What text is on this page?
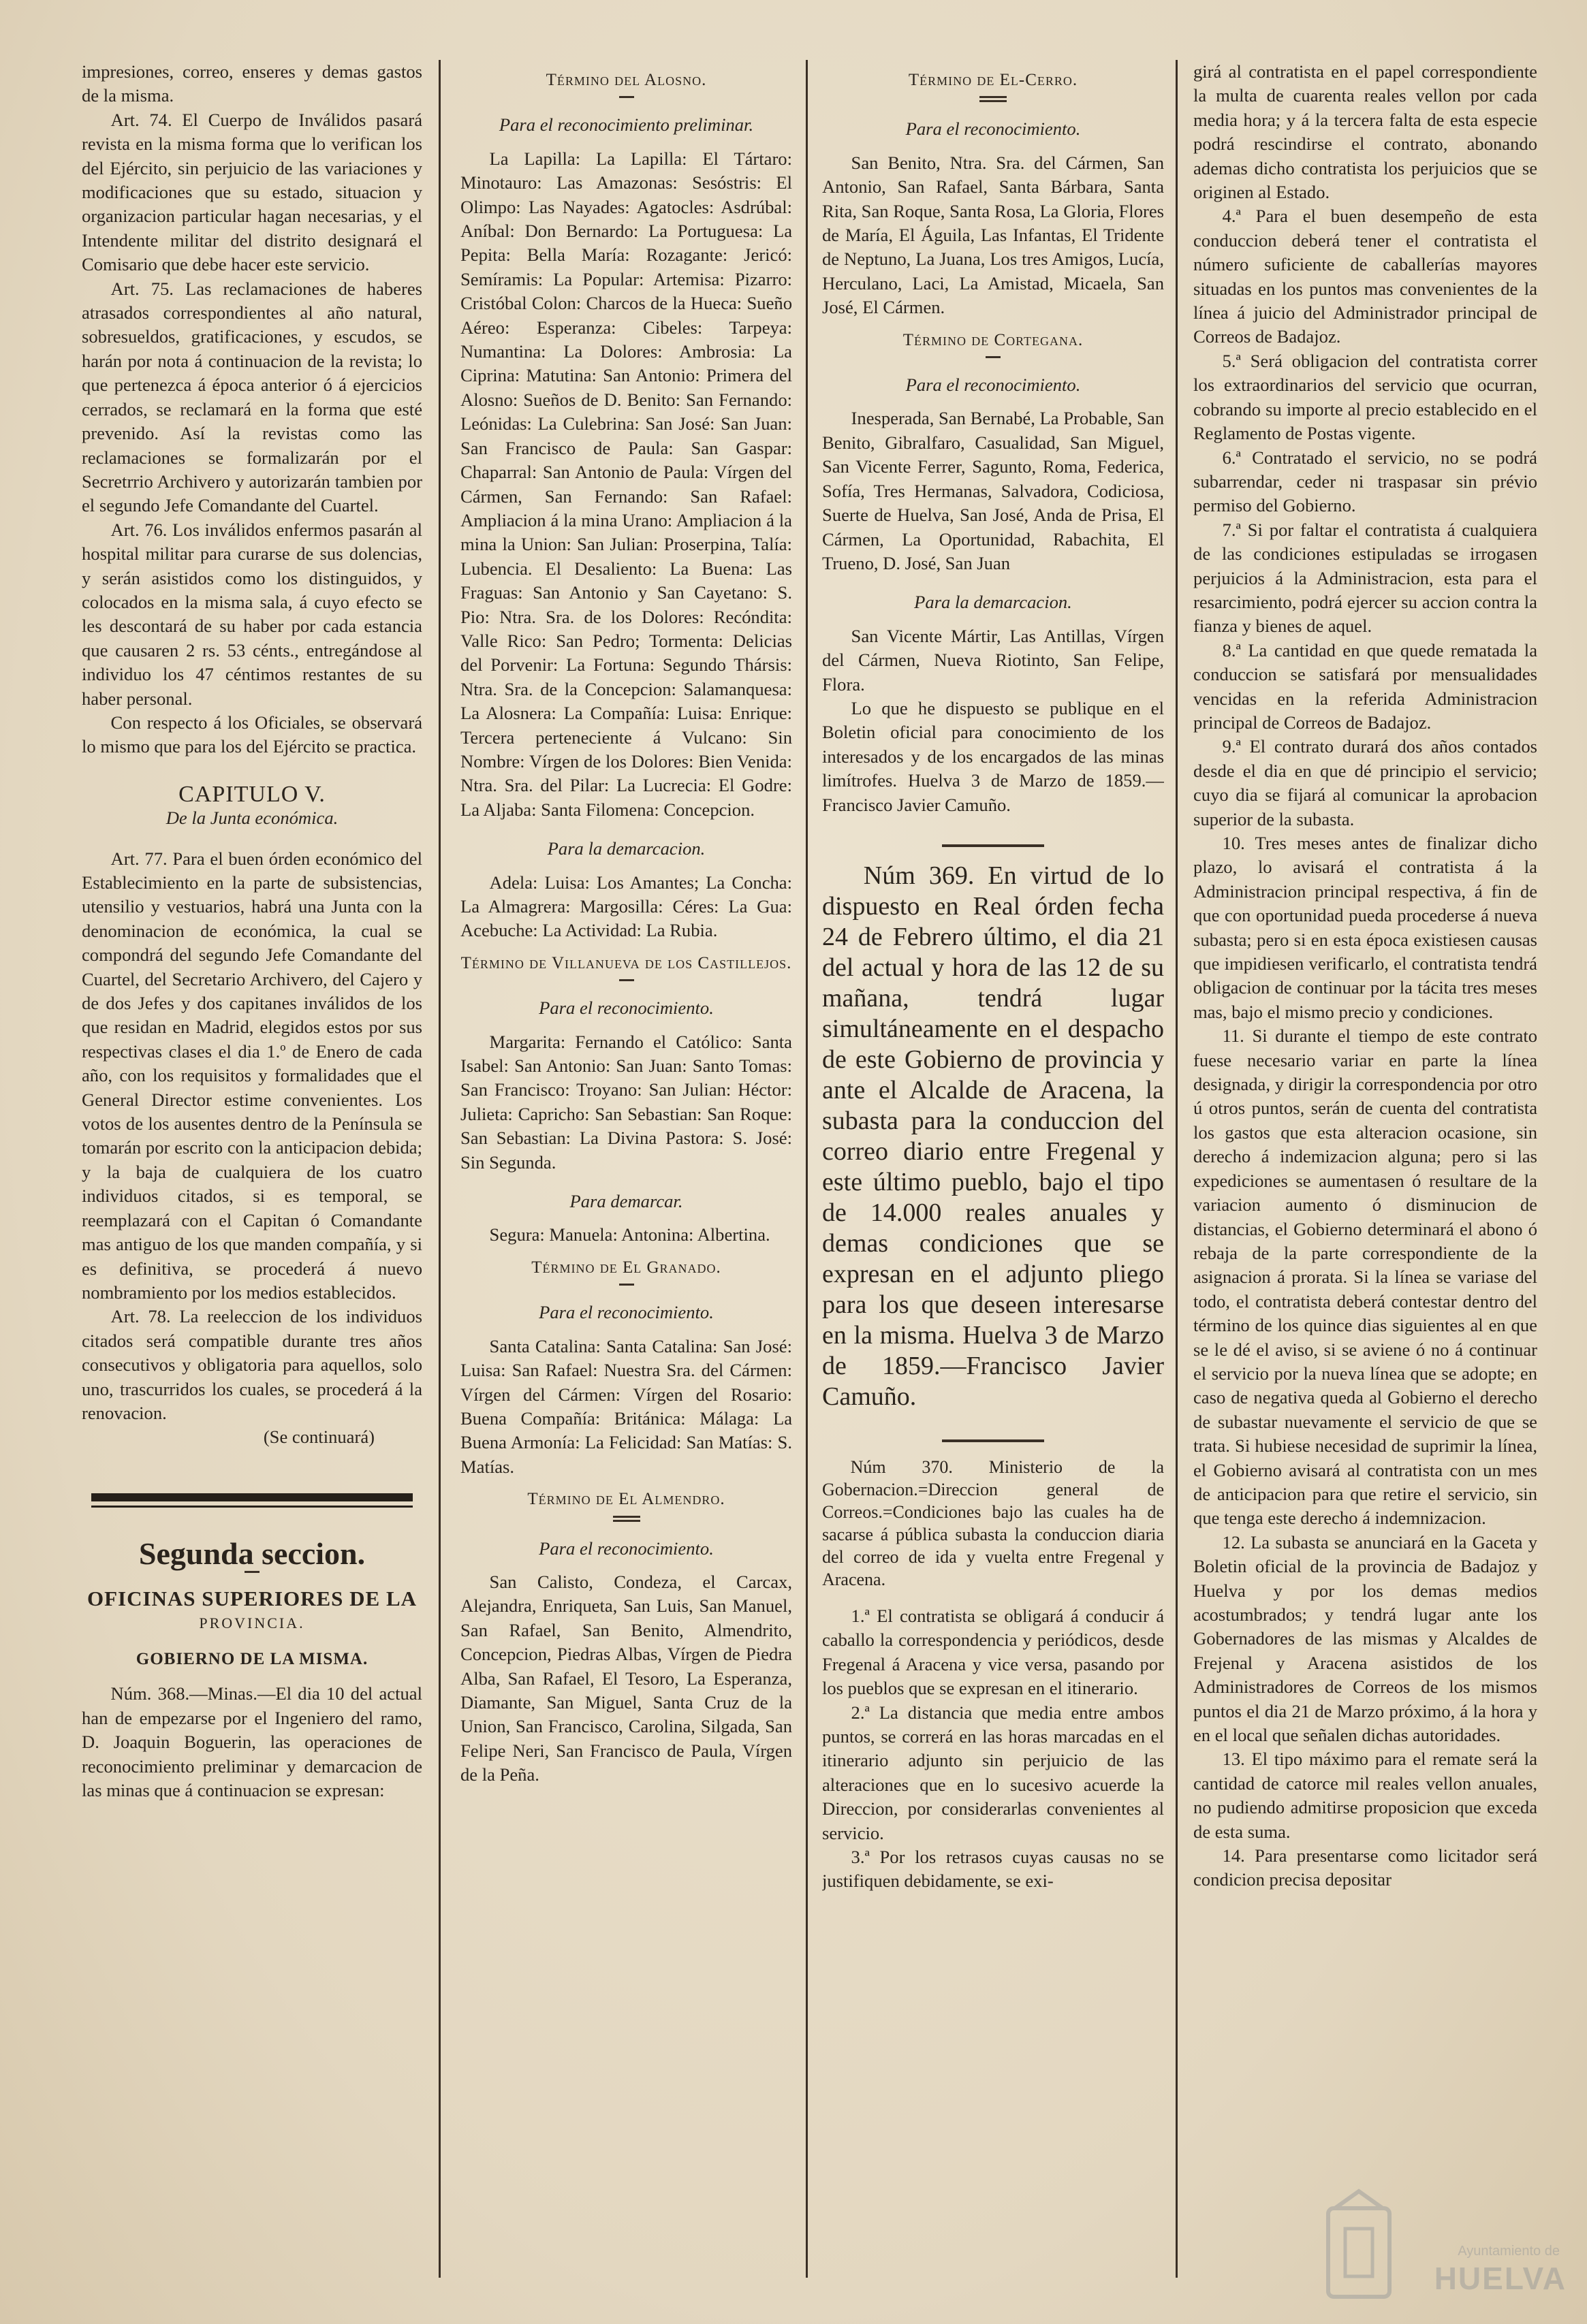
impresiones, correo, enseres y demas gastos de la misma.

Art. 74. El Cuerpo de Inválidos pasará revista en la misma forma que lo verifican los del Ejército, sin perjuicio de las variaciones y modificaciones que su estado, situacion y organizacion particular hagan necesarias, y el Intendente militar del distrito designará el Comisario que debe hacer este servicio.

Art. 75. Las reclamaciones de haberes atrasados correspondientes al año natural, sobresueldos, gratificaciones, y escudos, se harán por nota á continuacion de la revista; lo que pertenezca á época anterior ó á ejercicios cerrados, se reclamará en la forma que esté prevenido. Así la revistas como las reclamaciones se formalizarán por el Secretrrio Archivero y autorizarán tambien por el segundo Jefe Comandante del Cuartel.

Art. 76. Los inválidos enfermos pasarán al hospital militar para curarse de sus dolencias, y serán asistidos como los distinguidos, y colocados en la misma sala, á cuyo efecto se les descontará de su haber por cada estancia que causaren 2 rs. 53 cénts., entregándose al individuo los 47 céntimos restantes de su haber personal.

Con respecto á los Oficiales, se observará lo mismo que para los del Ejército se practica.

CAPITULO V.
De la Junta económica.

Art. 77. Para el buen órden económico del Establecimiento en la parte de subsistencias, utensilio y vestuarios, habrá una Junta con la denominacion de económica, la cual se compondrá del segundo Jefe Comandante del Cuartel, del Secretario Archivero, del Cajero y de dos Jefes y dos capitanes inválidos de los que residan en Madrid, elegidos estos por sus respectivas clases el dia 1.º de Enero de cada año, con los requisitos y formalidades que el General Director estime convenientes. Los votos de los ausentes dentro de la Península se tomarán por escrito con la anticipacion debida; y la baja de cualquiera de los cuatro individuos citados, si es temporal, se reemplazará con el Capitan ó Comandante mas antiguo de los que manden compañía, y si es definitiva, se procederá á nuevo nombramiento por los medios establecidos.

Art. 78. La reeleccion de los individuos citados será compatible durante tres años consecutivos y obligatoria para aquellos, solo uno, trascurridos los cuales, se procederá á la renovacion.

(Se continuará)

Segunda seccion.
OFICINAS SUPERIORES DE LA
PROVINCIA.
GOBIERNO DE LA MISMA.

Núm. 368.—Minas.—El dia 10 del actual han de empezarse por el Ingeniero del ramo, D. Joaquin Boguerin, las operaciones de reconocimiento preliminar y demarcacion de las minas que á continuacion se expresan:

Término del Alosno.
Para el reconocimiento preliminar.

La Lapilla: La Lapilla: El Tártaro: Minotauro: Las Amazonas: Sesóstris: El Olimpo: Las Nayades: Agatocles: Asdrúbal: Aníbal: Don Bernardo: La Portuguesa: La Pepita: Bella María: Rozagante: Jericó: Semíramis: La Popular: Artemisa: Pizarro: Cristóbal Colon: Charcos de la Hueca: Sueño Aéreo: Esperanza: Cibeles: Tarpeya: Numantina: La Dolores: Ambrosia: La Ciprina: Matutina: San Antonio: Primera del Alosno: Sueños de D. Benito: San Fernando: Leónidas: La Culebrina: San José: San Juan: San Francisco de Paula: San Gaspar: Chaparral: San Antonio de Paula: Vírgen del Cármen, San Fernando: San Rafael: Ampliacion á la mina Urano: Ampliacion á la mina la Union: San Julian: Proserpina, Talía: Lubencia. El Desaliento: La Buena: Las Fraguas: San Antonio y San Cayetano: S. Pio: Ntra. Sra. de los Dolores: Recóndita: Valle Rico: San Pedro; Tormenta: Delicias del Porvenir: La Fortuna: Segundo Thársis: Ntra. Sra. de la Concepcion: Salamanquesa: La Alosnera: La Compañía: Luisa: Enrique: Tercera perteneciente á Vulcano: Sin Nombre: Vírgen de los Dolores: Bien Venida: Ntra. Sra. del Pilar: La Lucrecia: El Godre: La Aljaba: Santa Filomena: Concepcion.

Para la demarcacion.

Adela: Luisa: Los Amantes; La Concha: La Almagrera: Margosilla: Céres: La Gua: Acebuche: La Actividad: La Rubia.

Término de Villanueva de los Castillejos.
Para el reconocimiento.

Margarita: Fernando el Católico: Santa Isabel: San Antonio: San Juan: Santo Tomas: San Francisco: Troyano: San Julian: Héctor: Julieta: Capricho: San Sebastian: San Roque: San Sebastian: La Divina Pastora: S. José: Sin Segunda.

Para demarcar.

Segura: Manuela: Antonina: Albertina.

Término de El Granado.
Para el reconocimiento.

Santa Catalina: Santa Catalina: San José: Luisa: San Rafael: Nuestra Sra. del Cármen: Vírgen del Cármen: Vírgen del Rosario: Buena Compañía: Británica: Málaga: La Buena Armonía: La Felicidad: San Matías: S. Matías.

Término de El Almendro.
Para el reconocimiento.

San Calisto, Condeza, el Carcax, Alejandra, Enriqueta, San Luis, San Manuel, San Rafael, San Benito, Almendrito, Concepcion, Piedras Albas, Vírgen de Piedra Alba, San Rafael, El Tesoro, La Esperanza, Diamante, San Miguel, Santa Cruz de la Union, San Francisco, Carolina, Silgada, San Felipe Neri, San Francisco de Paula, Vírgen de la Peña.

Término de El-Cerro.
Para el reconocimiento.

San Benito, Ntra. Sra. del Cármen, San Antonio, San Rafael, Santa Bárbara, Santa Rita, San Roque, Santa Rosa, La Gloria, Flores de María, El Águila, Las Infantas, El Tridente de Neptuno, La Juana, Los tres Amigos, Lucía, Herculano, Laci, La Amistad, Micaela, San José, El Cármen.

Término de Cortegana.
Para el reconocimiento.

Inesperada, San Bernabé, La Probable, San Benito, Gibralfaro, Casualidad, San Miguel, San Vicente Ferrer, Sagunto, Roma, Federica, Sofía, Tres Hermanas, Salvadora, Codiciosa, Suerte de Huelva, San José, Anda de Prisa, El Cármen, La Oportunidad, Rabachita, El Trueno, D. José, San Juan

Para la demarcacion.

San Vicente Mártir, Las Antillas, Vírgen del Cármen, Nueva Riotinto, San Felipe, Flora.

Lo que he dispuesto se publique en el Boletin oficial para conocimiento de los interesados y de los encargados de las minas limítrofes. Huelva 3 de Marzo de 1859.—Francisco Javier Camuño.

Núm 369. En virtud de lo dispuesto en Real órden fecha 24 de Febrero último, el dia 21 del actual y hora de las 12 de su mañana, tendrá lugar simultáneamente en el despacho de este Gobierno de provincia y ante el Alcalde de Aracena, la subasta para la conduccion del correo diario entre Fregenal y este último pueblo, bajo el tipo de 14.000 reales anuales y demas condiciones que se expresan en el adjunto pliego para los que deseen interesarse en la misma. Huelva 3 de Marzo de 1859.—Francisco Javier Camuño.

Núm 370. Ministerio de la Gobernacion.=Direccion general de Correos.=Condiciones bajo las cuales ha de sacarse á pública subasta la conduccion diaria del correo de ida y vuelta entre Fregenal y Aracena.

1.ª El contratista se obligará á conducir á caballo la correspondencia y periódicos, desde Fregenal á Aracena y vice versa, pasando por los pueblos que se expresan en el itinerario.

2.ª La distancia que media entre ambos puntos, se correrá en las horas marcadas en el itinerario adjunto sin perjuicio de las alteraciones que en lo sucesivo acuerde la Direccion, por considerarlas convenientes al servicio.

3.ª Por los retrasos cuyas causas no se justifiquen debidamente, se exi-

girá al contratista en el papel correspondiente la multa de cuarenta reales vellon por cada media hora; y á la tercera falta de esta especie podrá rescindirse el contrato, abonando ademas dicho contratista los perjuicios que se originen al Estado.

4.ª Para el buen desempeño de esta conduccion deberá tener el contratista el número suficiente de caballerías mayores situadas en los puntos mas convenientes de la línea á juicio del Administrador principal de Correos de Badajoz.

5.ª Será obligacion del contratista correr los extraordinarios del servicio que ocurran, cobrando su importe al precio establecido en el Reglamento de Postas vigente.

6.ª Contratado el servicio, no se podrá subarrendar, ceder ni traspasar sin prévio permiso del Gobierno.

7.ª Si por faltar el contratista á cualquiera de las condiciones estipuladas se irrogasen perjuicios á la Administracion, esta para el resarcimiento, podrá ejercer su accion contra la fianza y bienes de aquel.

8.ª La cantidad en que quede rematada la conduccion se satisfará por mensualidades vencidas en la referida Administracion principal de Correos de Badajoz.

9.ª El contrato durará dos años contados desde el dia en que dé principio el servicio; cuyo dia se fijará al comunicar la aprobacion superior de la subasta.

10. Tres meses antes de finalizar dicho plazo, lo avisará el contratista á la Administracion principal respectiva, á fin de que con oportunidad pueda procederse á nueva subasta; pero si en esta época existiesen causas que impidiesen verificarlo, el contratista tendrá obligacion de continuar por la tácita tres meses mas, bajo el mismo precio y condiciones.

11. Si durante el tiempo de este contrato fuese necesario variar en parte la línea designada, y dirigir la correspondencia por otro ú otros puntos, serán de cuenta del contratista los gastos que esta alteracion ocasione, sin derecho á indemizacion alguna; pero si las expediciones se aumentasen ó resultare de la variacion aumento ó disminucion de distancias, el Gobierno determinará el abono ó rebaja de la parte correspondiente de la asignacion á prorata. Si la línea se variase del todo, el contratista deberá contestar dentro del término de los quince dias siguientes al en que se le dé el aviso, si se aviene ó no á continuar el servicio por la nueva línea que se adopte; en caso de negativa queda al Gobierno el derecho de subastar nuevamente el servicio de que se trata. Si hubiese necesidad de suprimir la línea, el Gobierno avisará al contratista con un mes de anticipacion para que retire el servicio, sin que tenga este derecho á indemnizacion.

12. La subasta se anunciará en la Gaceta y Boletin oficial de la provincia de Badajoz y Huelva y por los demas medios acostumbrados; y tendrá lugar ante los Gobernadores de las mismas y Alcaldes de Frejenal y Aracena asistidos de los Administradores de Correos de los mismos puntos el dia 21 de Marzo próximo, á la hora y en el local que señalen dichas autoridades.

13. El tipo máximo para el remate será la cantidad de catorce mil reales vellon anuales, no pudiendo admitirse proposicion que exceda de esta suma.

14. Para presentarse como licitador será condicion precisa depositar

Ayuntamiento de
HUELVA
